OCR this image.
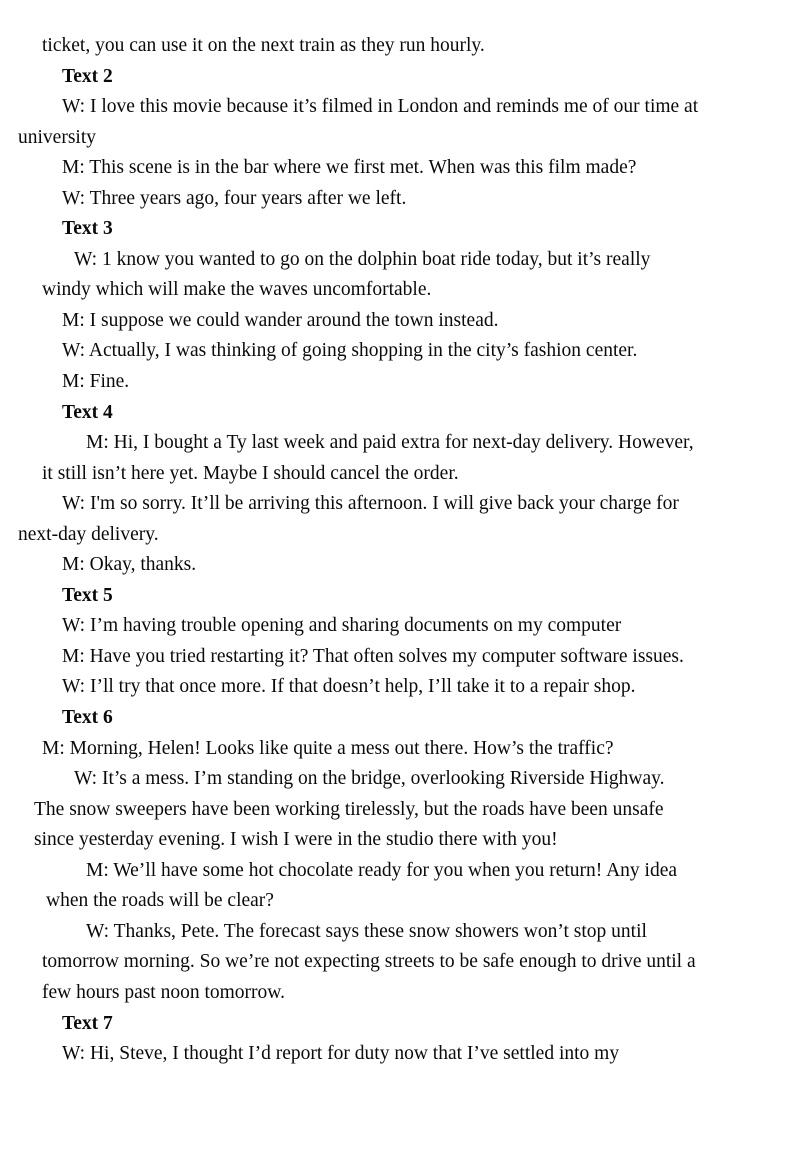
ticket, you can use it on the next train as they run hourly.
Text 2
W: I love this movie because it’s filmed in London and reminds me of our time at
university
M: This scene is in the bar where we first met. When was this film made?
W: Three years ago, four years after we left.
Text 3
W: 1 know you wanted to go on the dolphin boat ride today, but it’s really
windy which will make the waves uncomfortable.
M: I suppose we could wander around the town instead.
W: Actually, I was thinking of going shopping in the city’s fashion center.
M: Fine.
Text 4
M: Hi, I bought a Ty last week and paid extra for next-day delivery. However,
it still isn’t here yet. Maybe I should cancel the order.
W: I'm so sorry. It’ll be arriving this afternoon. I will give back your charge for
next-day delivery.
M: Okay, thanks.
Text 5
W: I’m having trouble opening and sharing documents on my computer
M: Have you tried restarting it? That often solves my computer software issues.
W: I’ll try that once more. If that doesn’t help, I’ll take it to a repair shop.
Text 6
M: Morning, Helen! Looks like quite a mess out there. How’s the traffic?
W: It’s a mess. I’m standing on the bridge, overlooking Riverside Highway.
The snow sweepers have been working tirelessly, but the roads have been unsafe
since yesterday evening. I wish I were in the studio there with you!
M: We’ll have some hot chocolate ready for you when you return! Any idea
when the roads will be clear?
W: Thanks, Pete. The forecast says these snow showers won’t stop until
tomorrow morning. So we’re not expecting streets to be safe enough to drive until a
few hours past noon tomorrow.
Text 7
W: Hi, Steve, I thought I’d report for duty now that I’ve settled into my
